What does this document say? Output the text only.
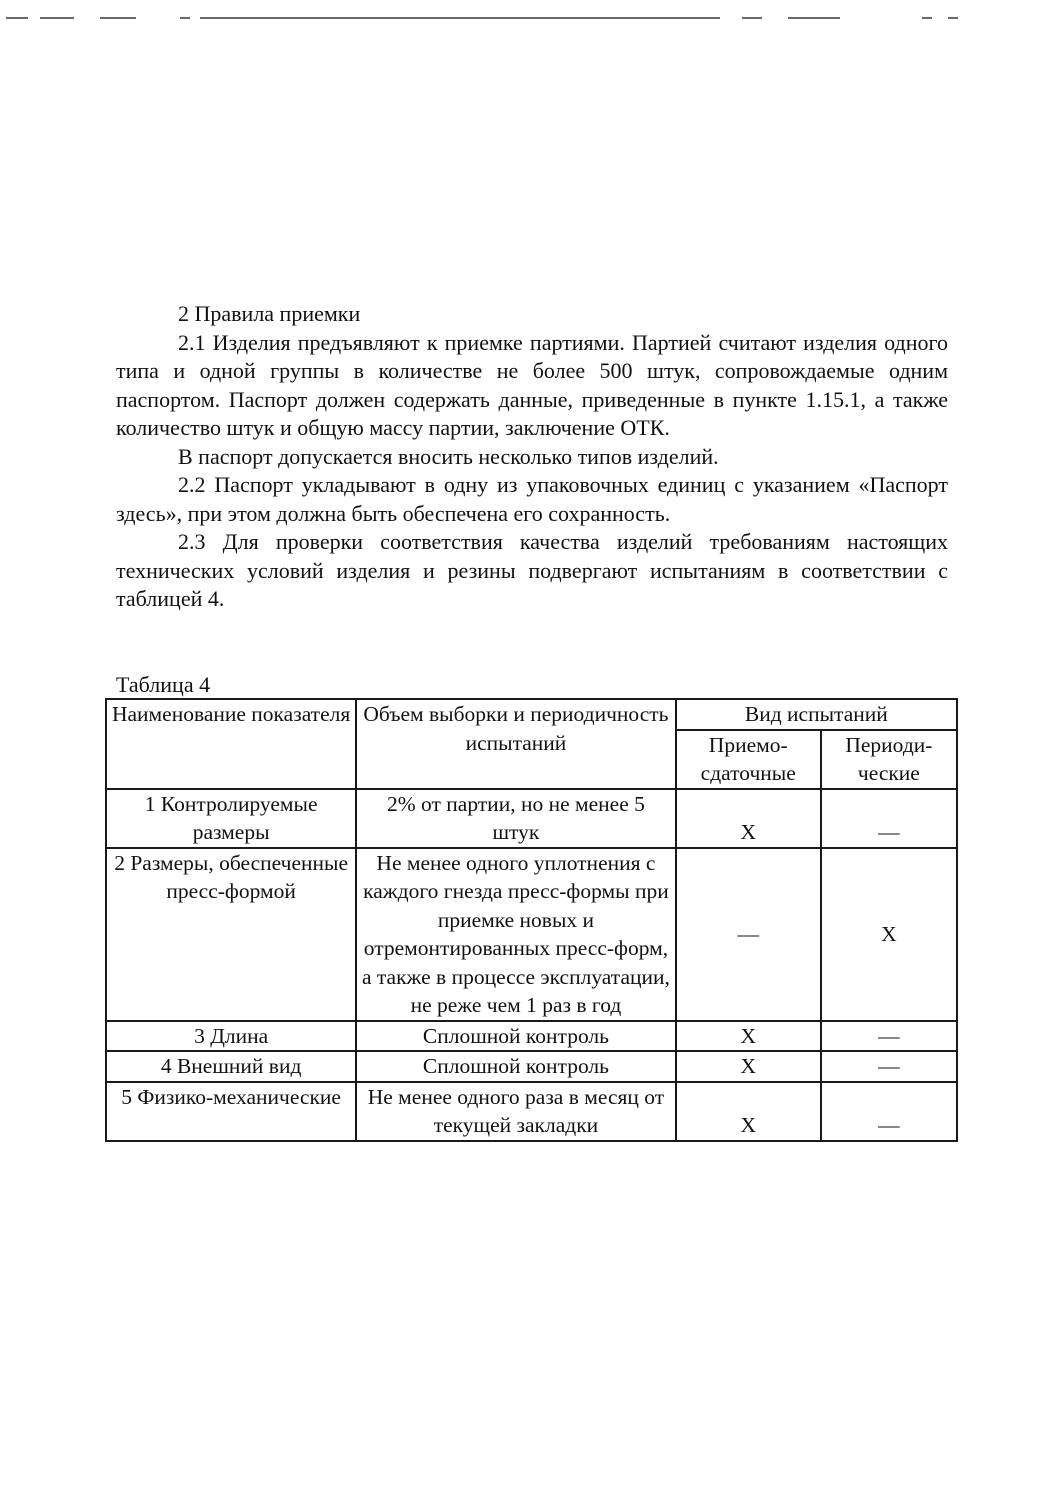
2 Правила приемки

2.1 Изделия предъявляют к приемке партиями. Партией считают изделия одного типа и одной группы в количестве не более 500 штук, сопровождаемые одним паспортом. Паспорт должен содержать данные, приведенные в пункте 1.15.1, а также количество штук и общую массу партии, заключение ОТК.

В паспорт допускается вносить несколько типов изделий.

2.2 Паспорт укладывают в одну из упаковочных единиц с указанием «Паспорт здесь», при этом должна быть обеспечена его сохранность.

2.3 Для проверки соответствия качества изделий требованиям настоящих технических условий изделия и резины подвергают испытаниям в соответствии с таблицей 4.

Таблица 4
Наименование показателя	Объем выборки и периодичность испытаний	Вид испытаний	
		Приемо-сдаточные	Периоди-ческие
1 Контролируемые размеры	2% от партии, но не менее 5 штук	X	—
2 Размеры, обеспеченные пресс-формой	Не менее одного уплотнения с каждого гнезда пресс-формы при приемке новых и отремонтированных пресс-форм, а также в процессе эксплуатации, не реже чем 1 раз в год	—	X
3 Длина	Сплошной контроль	X	—
4 Внешний вид	Сплошной контроль	X	—
5 Физико-механические	Не менее одного раза в месяц от текущей закладки	X	—
